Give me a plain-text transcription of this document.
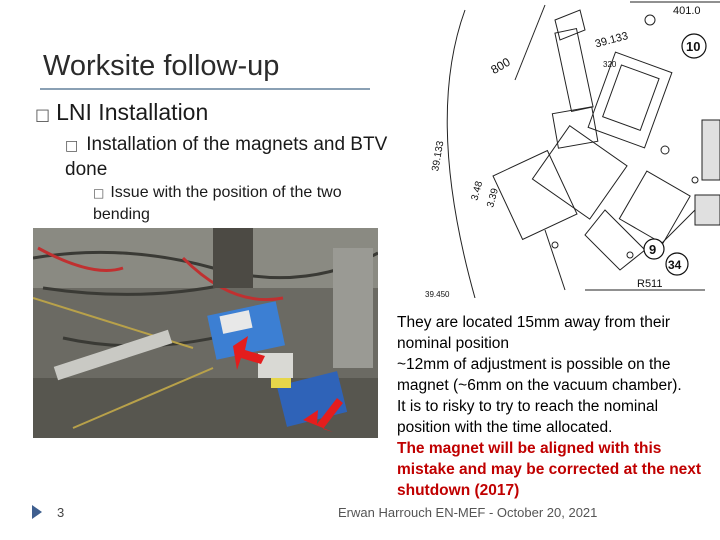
Worksite follow-up
□ LNI Installation
□ Installation of the magnets and BTV done
□ Issue with the position of the two bending
401.0
800
39.133
320
39.133
3.48 3.39
10
9
34
R511
39.450
They are located 15mm away from their nominal position
~12mm of adjustment is possible on the magnet (~6mm on the vacuum chamber).
It is to risky to try to reach the nominal position with the time allocated.
The magnet will be aligned with this mistake and may be corrected at the next shutdown (2017)
3	Erwan Harrouch EN-MEF - October 20, 2021
